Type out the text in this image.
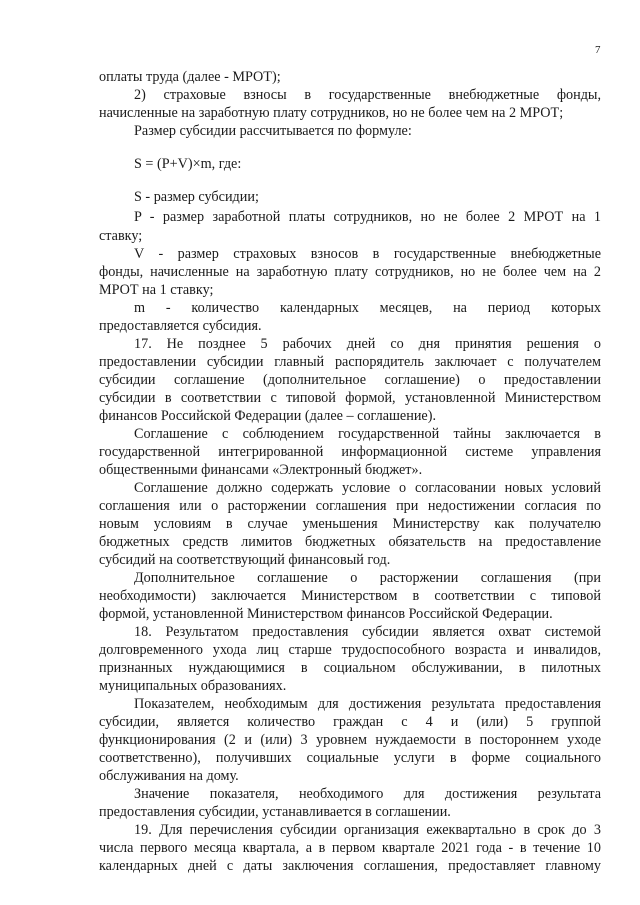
7
оплаты труда (далее - МРОТ);
2) страховые взносы в государственные внебюджетные фонды,
начисленные на заработную плату сотрудников, но не более чем на 2 МРОТ;
Размер субсидии рассчитывается по формуле:
S = (P+V)×m, где:
S - размер субсидии;
P - размер заработной платы сотрудников, но не более 2 МРОТ на 1
ставку;
V - размер страховых взносов в государственные внебюджетные
фонды, начисленные на заработную плату сотрудников, но не более чем на 2
МРОТ на 1 ставку;
m - количество календарных месяцев, на период которых
предоставляется субсидия.
17. Не позднее 5 рабочих дней со дня принятия решения о
предоставлении субсидии главный распорядитель заключает с получателем
субсидии соглашение (дополнительное соглашение) о предоставлении
субсидии в соответствии с типовой формой, установленной Министерством
финансов Российской Федерации (далее – соглашение).
Соглашение с соблюдением государственной тайны заключается в
государственной интегрированной информационной системе управления
общественными финансами «Электронный бюджет».
Соглашение должно содержать условие о согласовании новых условий
соглашения или о расторжении соглашения при недостижении согласия по
новым условиям в случае уменьшения Министерству как получателю
бюджетных средств лимитов бюджетных обязательств на предоставление
субсидий на соответствующий финансовый год.
Дополнительное соглашение о расторжении соглашения (при
необходимости) заключается Министерством в соответствии с типовой
формой, установленной Министерством финансов Российской Федерации.
18. Результатом предоставления субсидии является охват системой
долговременного ухода лиц старше трудоспособного возраста и инвалидов,
признанных нуждающимися в социальном обслуживании, в пилотных
муниципальных образованиях.
Показателем, необходимым для достижения результата предоставления
субсидии, является количество граждан с 4 и (или) 5 группой
функционирования (2 и (или) 3 уровнем нуждаемости в постороннем уходе
соответственно), получивших социальные услуги в форме социального
обслуживания на дому.
Значение показателя, необходимого для достижения результата
предоставления субсидии, устанавливается в соглашении.
19. Для перечисления субсидии организация ежеквартально в срок до 3
числа первого месяца квартала, а в первом квартале 2021 года - в течение 10
календарных дней с даты заключения соглашения, предоставляет главному
